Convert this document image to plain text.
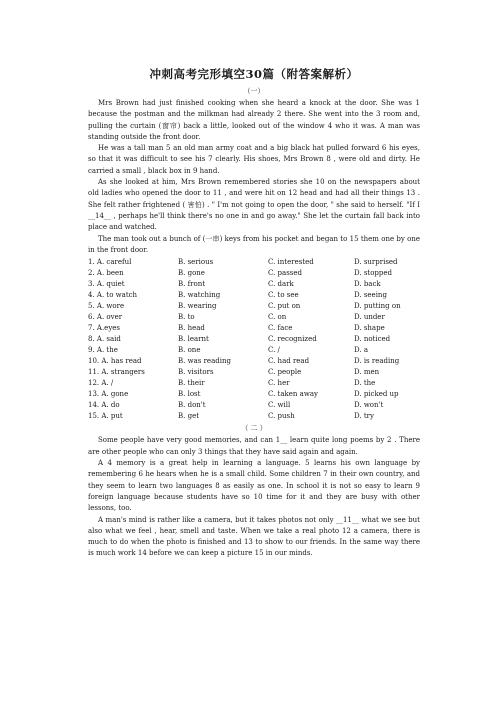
冲刺高考完形填空30篇（附答案解析）
（一）

Mrs Brown had just finished cooking when she heard a knock at the door. She was 1 because the postman and the milkman had already 2 there. She went into the 3 room and, pulling the curtain (窗帘) back a little, looked out of the window 4 who it was. A man was standing outside the front door.

He was a tall man 5 an old man army coat and a big black hat pulled forward 6 his eyes, so that it was difficult to see his 7 clearly. His shoes, Mrs Brown 8 , were old and dirty. He carried a small , black box in 9 hand.

As she looked at him, Mrs Brown remembered stories she 10 on the newspapers about old ladies who opened the door to 11 , and were hit on 12 head and had all their things 13 . She felt rather frightened ( 害怕) . " I'm not going to open the door, " she said to herself. "If I __14__ , perhaps he'll think there's no one in and go away." She let the curtain fall back into place and watched.

The man took out a bunch of (一串) keys from his pocket and began to 15 them one by one in the front door.

1. A. careful	B. serious	C. interested	D. surprised
2. A. been	B. gone	C. passed	D. stopped
3. A. quiet	B. front	C. dark	D. back
4. A. to watch	B. watching	C. to see	D. seeing
5. A. wore	B. wearing	C. put on	D. putting on
6. A. over	B. to	C. on	D. under
7. A.eyes	B. head	C. face	D. shape
8. A. said	B. learnt	C. recognized	D. noticed
9. A. the	B. one	C. /	D. a
10. A. has read	B. was reading	C. had read	D. is reading
11. A. strangers	B. visitors	C. people	D. men
12. A. /	B. their	C. her	D. the
13. A. gone	B. lost	C. taken away	D. picked up
14. A. do	B. don't	C. will	D. won't
15. A. put	B. get	C. push	D. try
（ 二 ）

Some people have very good memories, and can 1__ learn quite long poems by 2 . There are other people who can only 3 things that they have said again and again.

A 4 memory is a great help in learning a language. 5 learns his own language by remembering 6 he hears when he is a small child. Some children 7 in their own country, and they seem to learn two languages 8 as easily as one. In school it is not so easy to learn 9 foreign language because students have so 10 time for it and they are busy with other lessons, too.

A man's mind is rather like a camera, but it takes photos not only __11__ what we see but also what we feel , hear, smell and taste. When we take a real photo 12 a camera, there is much to do when the photo is finished and 13 to show to our friends. In the same way there is much work 14 before we can keep a picture 15 in our minds.
